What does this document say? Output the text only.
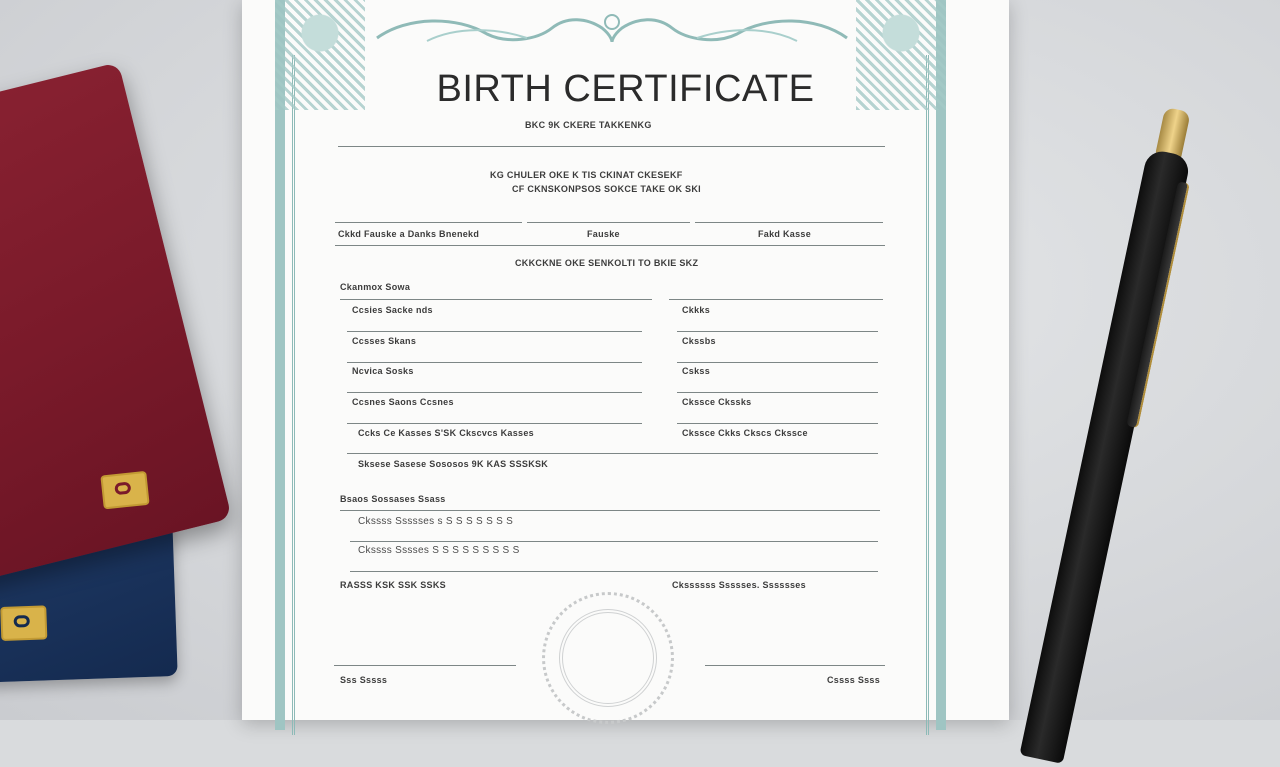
BIRTH CERTIFICATE
BKC 9K CKERE TAKKENKG
KG CHULER OKE K TIS CKINAT CKESEKF
CF CKNSKONPSOS SOKCE TAKE OK SKI
Ckkd Fauske a Danks Bnenekd	Fauske	Fakd Kasse
CKKCKNE OKE SENKOLTI TO BKIE SKZ
Ckanmox Sowa
Ccsies Sacke nds	Ckkks
Ccsses Skans	Ckssbs
Ncvica Sosks	Cskss
Ccsnes Saons Ccsnes	Ckssce Ckssks
Ccks Ce Kasses S'SK Ckscvcs Kasses	Ckssce Ckks Ckscs Ckssce
Sksese Sasese Sososos 9K KAS SSSKSK
Bsaos Sossases Ssass
Ckssss Ssssses s S S S S S S S
Ckssss Sssses S S S S S S S S S
RASSS KSK SSK SSKS	Ckssssss Ssssses. Sssssses
Sss Sssss	Cssss Ssss
